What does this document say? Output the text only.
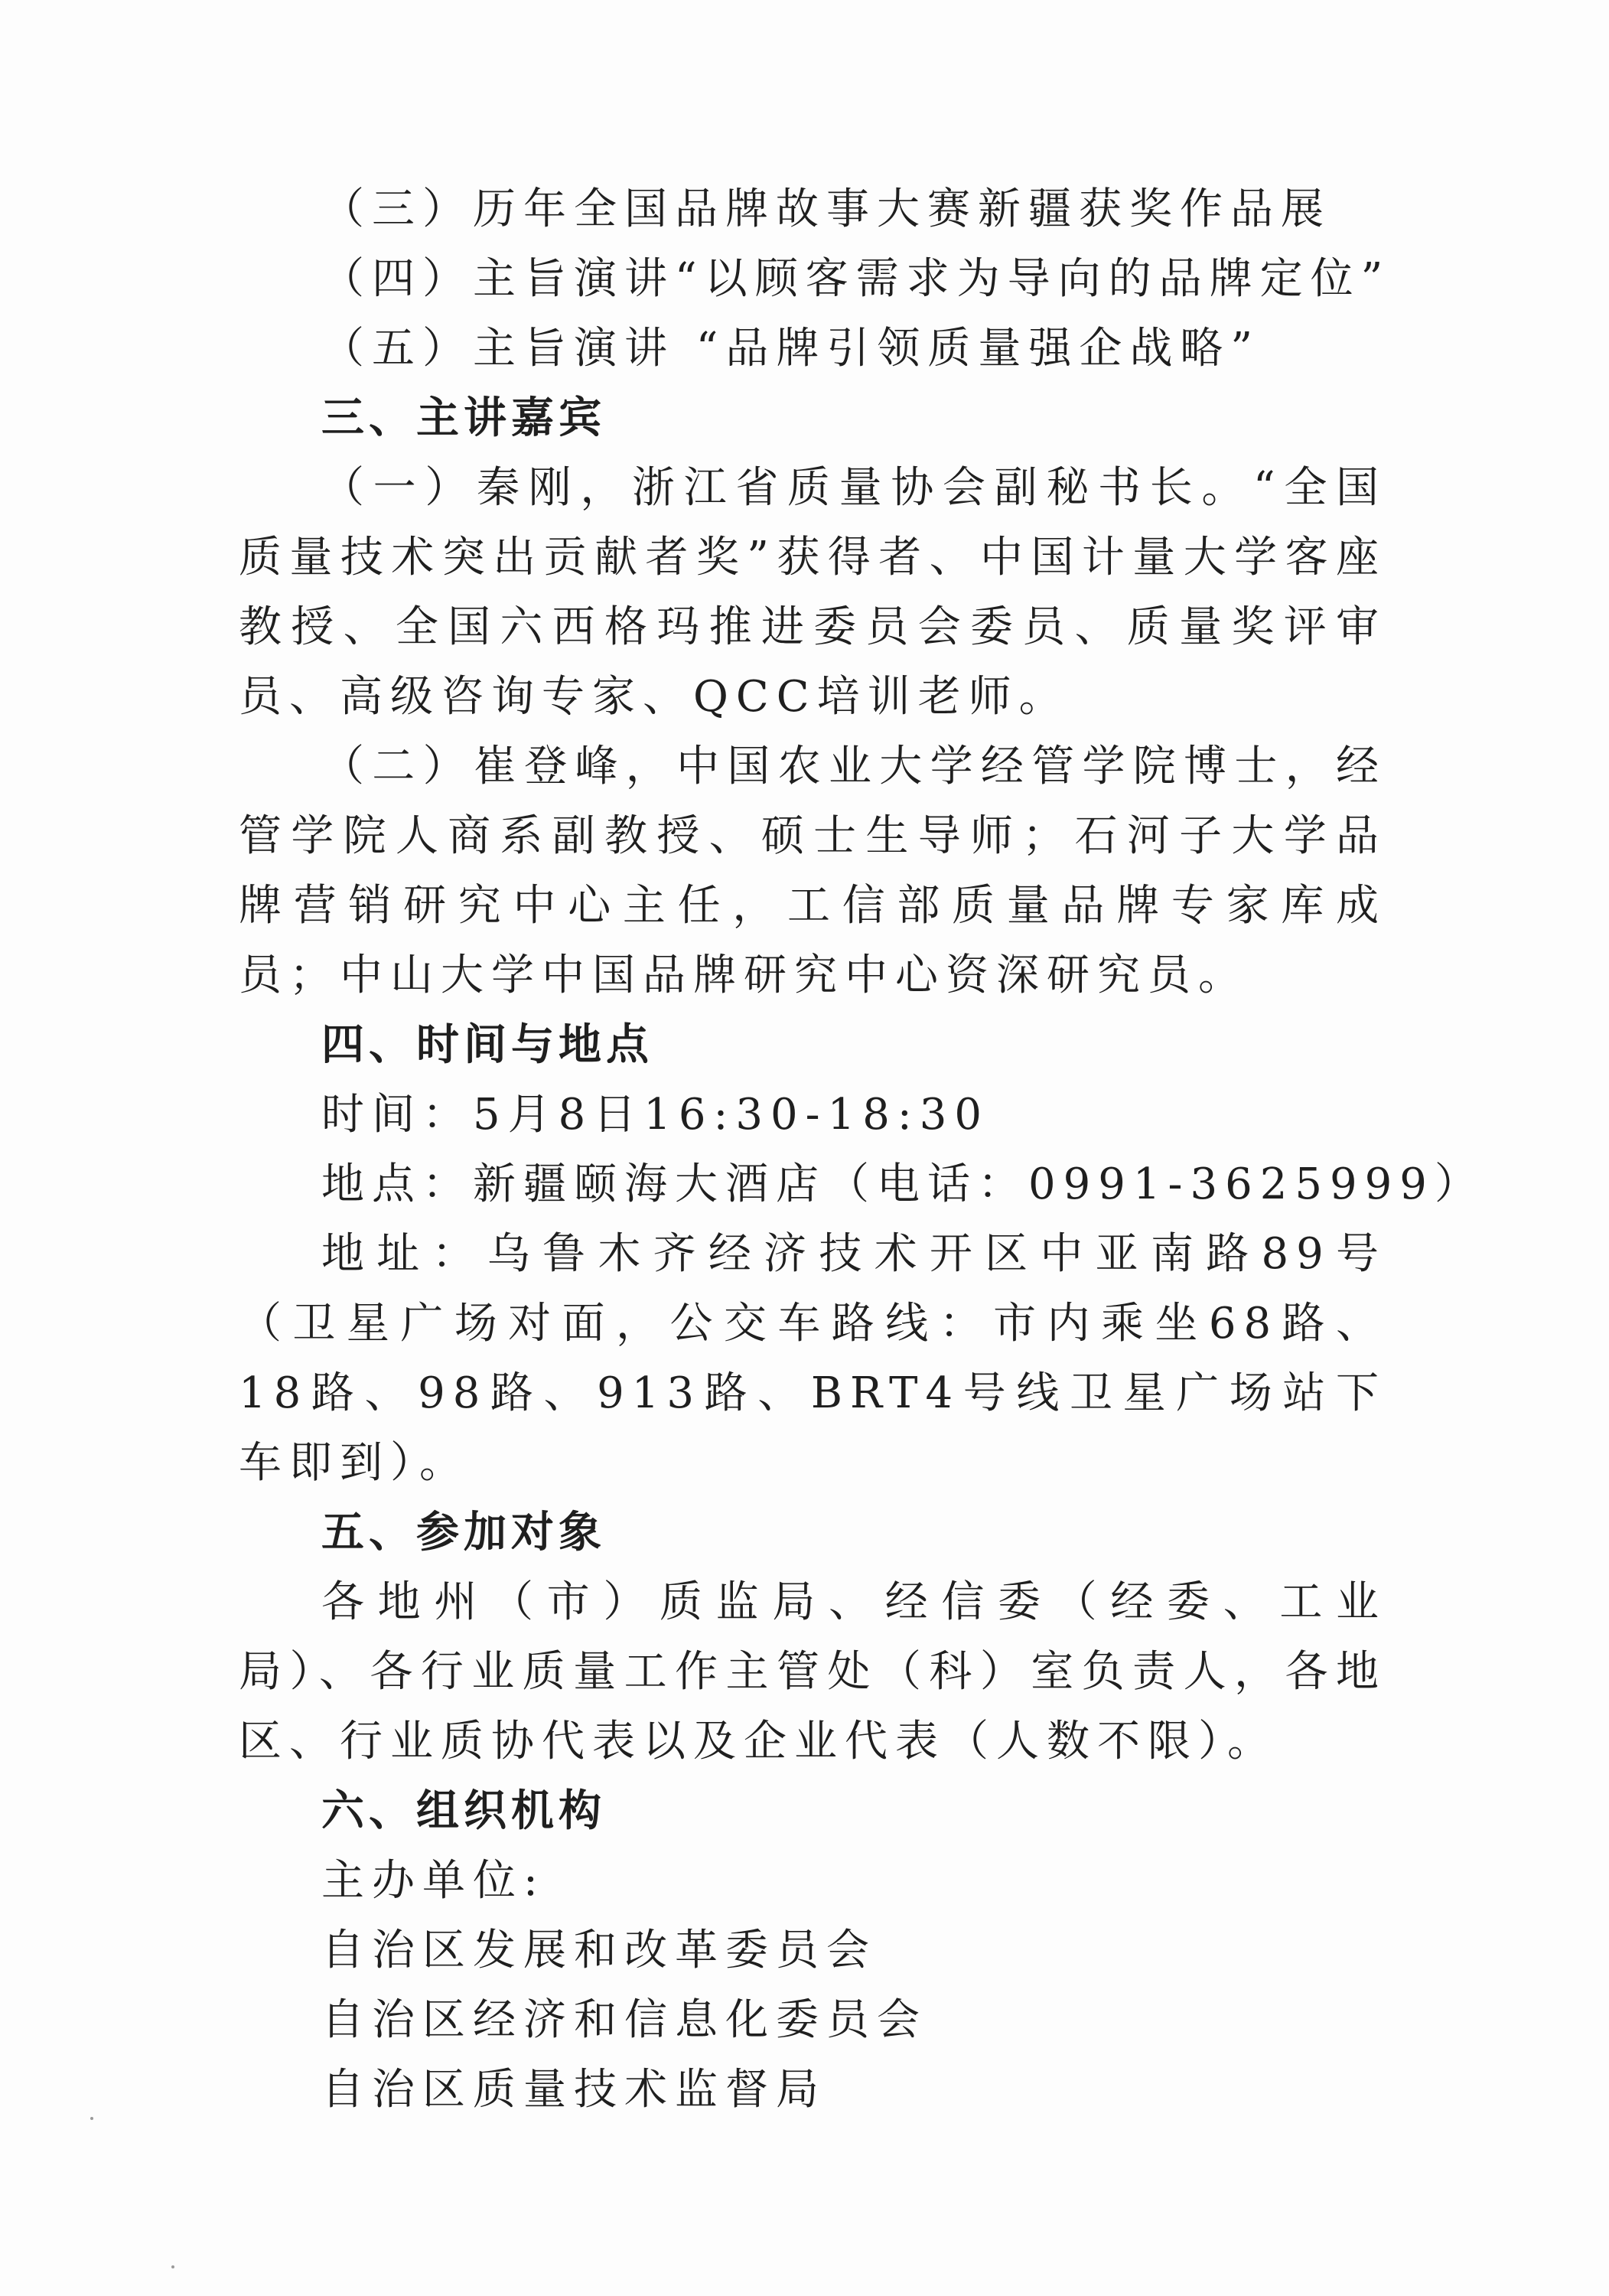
（三）历年全国品牌故事大赛新疆获奖作品展
（四）主旨演讲“以顾客需求为导向的品牌定位”
（五）主旨演讲 “品牌引领质量强企战略”
三、主讲嘉宾
（一）秦刚，浙江省质量协会副秘书长。“全国质量技术突出贡献者奖”获得者、中国计量大学客座教授、全国六西格玛推进委员会委员、质量奖评审员、高级咨询专家、QCC培训老师。
（二）崔登峰，中国农业大学经管学院博士，经管学院人商系副教授、硕士生导师；石河子大学品牌营销研究中心主任，工信部质量品牌专家库成员；中山大学中国品牌研究中心资深研究员。
四、时间与地点
时间：5月8日16:30-18:30
地点：新疆颐海大酒店（电话：0991-3625999）
地址：乌鲁木齐经济技术开区中亚南路89号（卫星广场对面，公交车路线：市内乘坐68路、18路、98路、913路、BRT4号线卫星广场站下车即到）。
五、参加对象
各地州（市）质监局、经信委（经委、工业局）、各行业质量工作主管处（科）室负责人，各地区、行业质协代表以及企业代表（人数不限）。
六、组织机构
主办单位:
自治区发展和改革委员会
自治区经济和信息化委员会
自治区质量技术监督局
